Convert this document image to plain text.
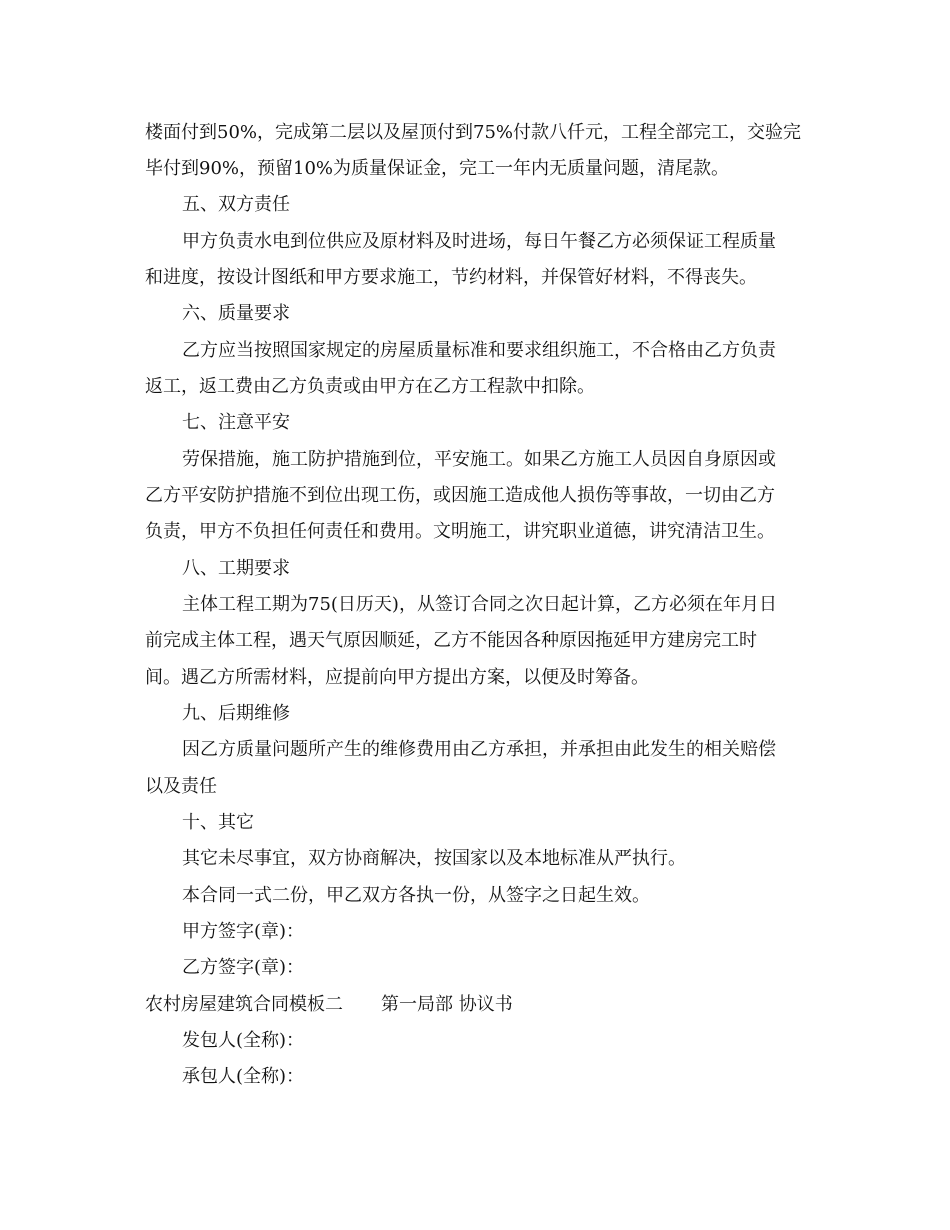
楼面付到50%，完成第二层以及屋顶付到75%付款八仟元，工程全部完工，交验完
毕付到90%，预留10%为质量保证金，完工一年内无质量问题，清尾款。
五、双方责任
甲方负责水电到位供应及原材料及时进场，每日午餐乙方必须保证工程质量
和进度，按设计图纸和甲方要求施工，节约材料，并保管好材料，不得丧失。
六、质量要求
乙方应当按照国家规定的房屋质量标准和要求组织施工，不合格由乙方负责
返工，返工费由乙方负责或由甲方在乙方工程款中扣除。
七、注意平安
劳保措施，施工防护措施到位，平安施工。如果乙方施工人员因自身原因或
乙方平安防护措施不到位出现工伤，或因施工造成他人损伤等事故，一切由乙方
负责，甲方不负担任何责任和费用。文明施工，讲究职业道德，讲究清洁卫生。
八、工期要求
主体工程工期为75(日历天)，从签订合同之次日起计算，乙方必须在年月日
前完成主体工程，遇天气原因顺延，乙方不能因各种原因拖延甲方建房完工时
间。遇乙方所需材料，应提前向甲方提出方案，以便及时筹备。
九、后期维修
因乙方质量问题所产生的维修费用由乙方承担，并承担由此发生的相关赔偿
以及责任
十、其它
其它未尽事宜，双方协商解决，按国家以及本地标准从严执行。
本合同一式二份，甲乙双方各执一份，从签字之日起生效。
甲方签字(章)：
乙方签字(章)：
农村房屋建筑合同模板二 第一局部 协议书
发包人(全称)：
承包人(全称)：
